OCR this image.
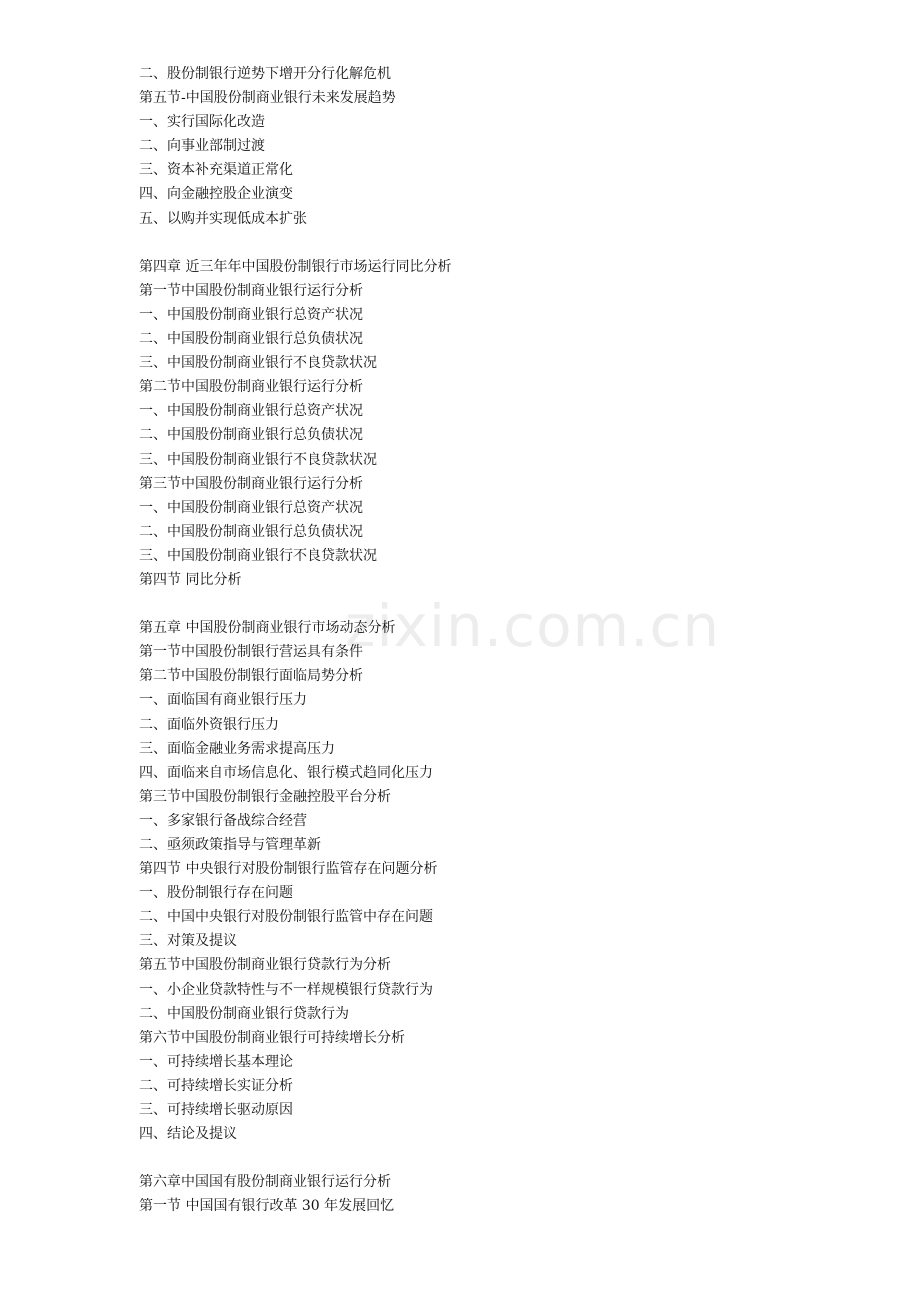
二、股份制银行逆势下增开分行化解危机
第五节-中国股份制商业银行未来发展趋势
一、实行国际化改造
二、向事业部制过渡
三、资本补充渠道正常化
四、向金融控股企业演变
五、以购并实现低成本扩张
第四章 近三年年中国股份制银行市场运行同比分析
第一节中国股份制商业银行运行分析
一、中国股份制商业银行总资产状况
二、中国股份制商业银行总负债状况
三、中国股份制商业银行不良贷款状况
第二节中国股份制商业银行运行分析
一、中国股份制商业银行总资产状况
二、中国股份制商业银行总负债状况
三、中国股份制商业银行不良贷款状况
第三节中国股份制商业银行运行分析
一、中国股份制商业银行总资产状况
二、中国股份制商业银行总负债状况
三、中国股份制商业银行不良贷款状况
第四节 同比分析
第五章 中国股份制商业银行市场动态分析
第一节中国股份制银行营运具有条件
第二节中国股份制银行面临局势分析
一、面临国有商业银行压力
二、面临外资银行压力
三、面临金融业务需求提高压力
四、面临来自市场信息化、银行模式趋同化压力
第三节中国股份制银行金融控股平台分析
一、多家银行备战综合经营
二、亟须政策指导与管理革新
第四节 中央银行对股份制银行监管存在问题分析
一、股份制银行存在问题
二、中国中央银行对股份制银行监管中存在问题
三、对策及提议
第五节中国股份制商业银行贷款行为分析
一、小企业贷款特性与不一样规模银行贷款行为
二、中国股份制商业银行贷款行为
第六节中国股份制商业银行可持续增长分析
一、可持续增长基本理论
二、可持续增长实证分析
三、可持续增长驱动原因
四、结论及提议
第六章中国国有股份制商业银行运行分析
第一节 中国国有银行改革 30 年发展回忆
zixin.com.cn
